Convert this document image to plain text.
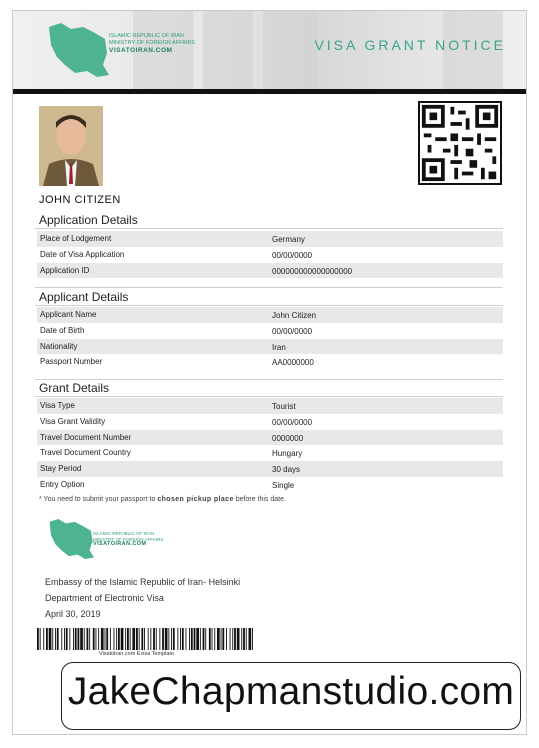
ISLAMIC REPUBLIC OF IRAN
MINISTRY OF FOREIGN AFFAIRS
VISATOIRAN.COM	VISA GRANT NOTICE
JOHN CITIZEN
Application Details
Place of Lodgement	Germany
Date of Visa Application	00/00/0000
Application ID	000000000000000000
Applicant Details
Applicant Name	John Citizen
Date of Birth	00/00/0000
Nationality	Iran
Passport Number	AA0000000
Grant Details
Visa Type	Tourist
Visa Grant Validity	00/00/0000
Travel Document Number	0000000
Travel Document Country	Hungary
Stay Period	30 days
Entry Option	Single
* You need to submit your passport to chosen pickup place before this date.
ISLAMIC REPUBLIC OF IRAN
MINISTRY OF FOREIGN AFFAIRS
VISATOIRAN.COM
Embassy of the Islamic Republic of Iran- Helsinki
Department of Electronic Visa
April 30, 2019
Visatoiran.com Evisa Template
JakeChapmanstudio.com
